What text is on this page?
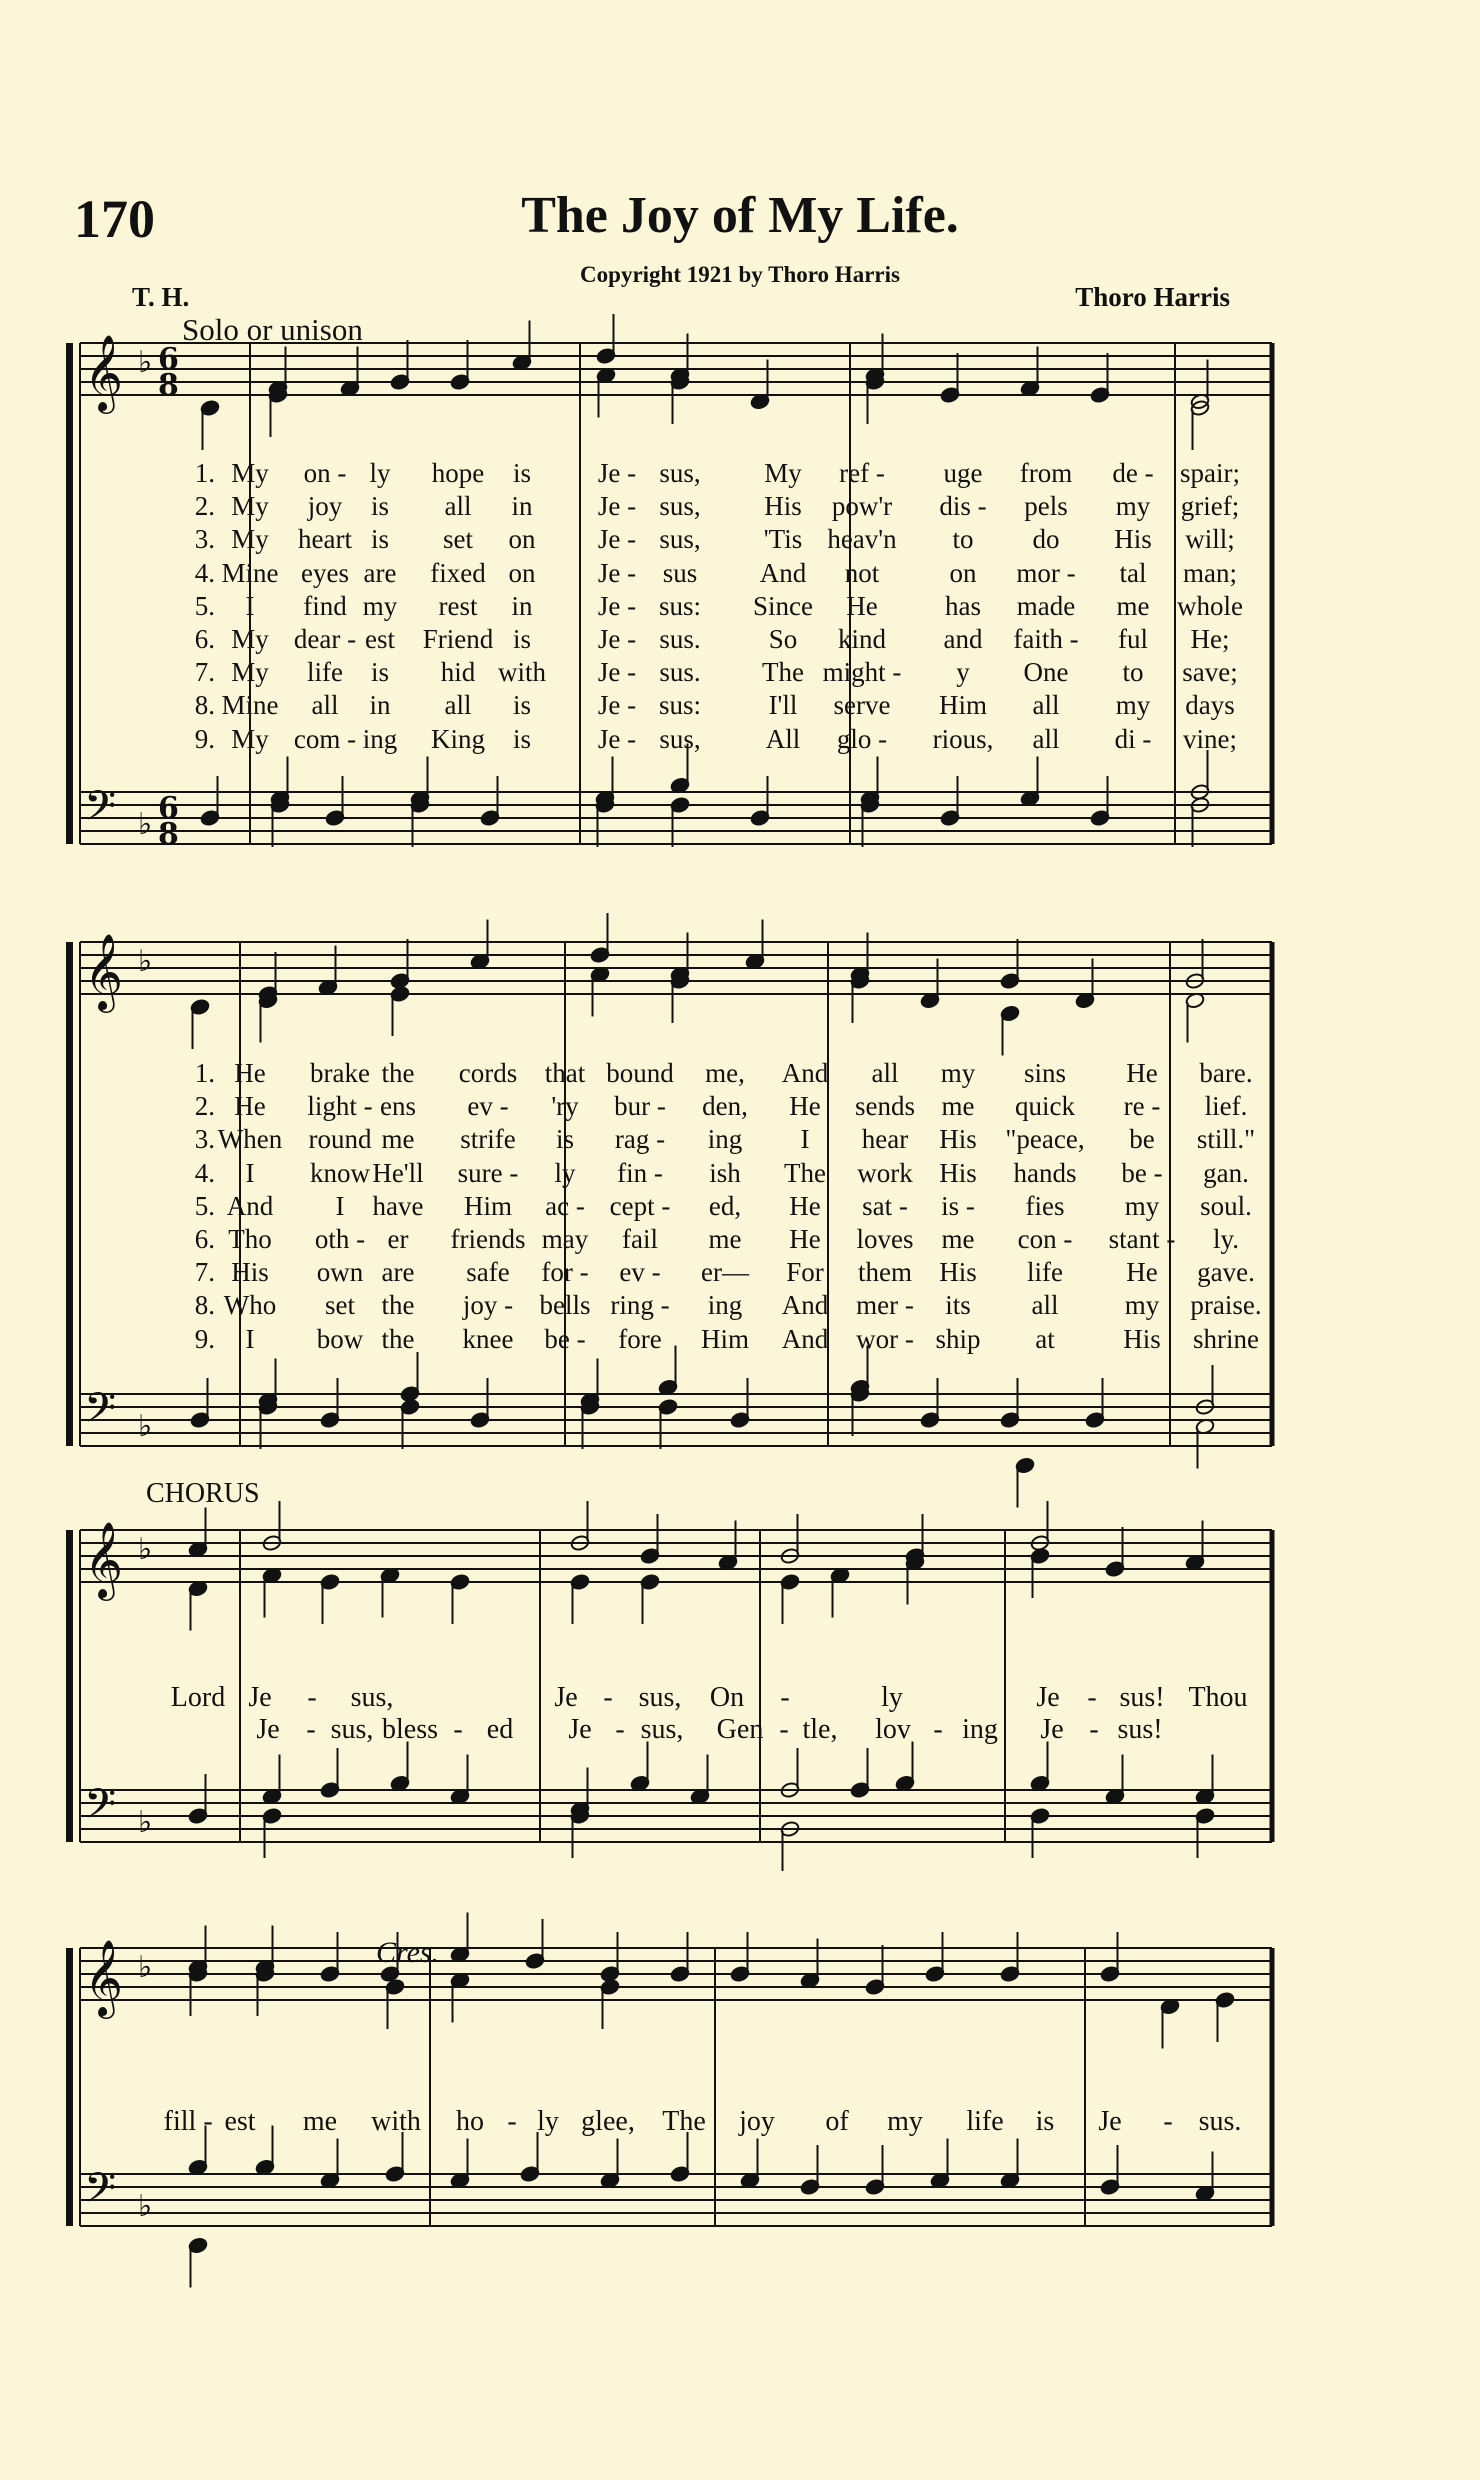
170	The Joy of My Life.
Copyright 1921 by Thoro Harris
T. H.	Thoro Harris
Solo or unison
𝄞
𝄢
♭
♭
6
8
6
8
𝄞
𝄢
♭
♭
𝄞
𝄢
♭
♭
𝄞
𝄢
♭
♭
1. My on - ly hope is Je - sus, My ref - uge from de - spair;
2. My joy is all in Je - sus, His pow'r dis - pels my grief;
3. My heart is set on Je - sus, 'Tis heav'n to do His will;
4. Mine eyes are fixed on Je - sus And not	on mor - tal man;
5. I find my rest in Je - sus: Since He has made me whole
6. My dear - est Friend is Je - sus.	So kind and faith - ful He;
7. My life is hid with Je - sus. The might - y One to save;
8. Mine all in all is Je - sus:	I'll serve Him all my days
9. My com - ing King is Je - sus, All glo - rious, all di - vine;
1. He brake the cords that bound me, And all my sins He bare.
2. He light - ens ev - 'ry bur - den, He sends me quick re - lief.
3. When round me strife is rag - ing I hear His "peace, be still."
4. I know He'll sure - ly fin - ish The work His hands be - gan.
5. And I have Him ac - cept - ed, He sat - is - fies my soul.
6. Tho oth - er friends may fail me He loves me con - stant - ly.
7. His own are safe for - ev - er— For them His life He gave.
8. Who set the joy - bells ring - ing And mer - its all my praise.
9. I bow the knee be - fore Him And wor - ship at	His shrine
CHORUS
Lord Je - sus,	Je - sus, On -	ly	Je - sus! Thou
Je - sus, bless - ed Je - sus, Gen - tle, lov - ing Je - sus!
Cres.
fill - est me with ho - ly glee, The joy of my life is Je - sus.
